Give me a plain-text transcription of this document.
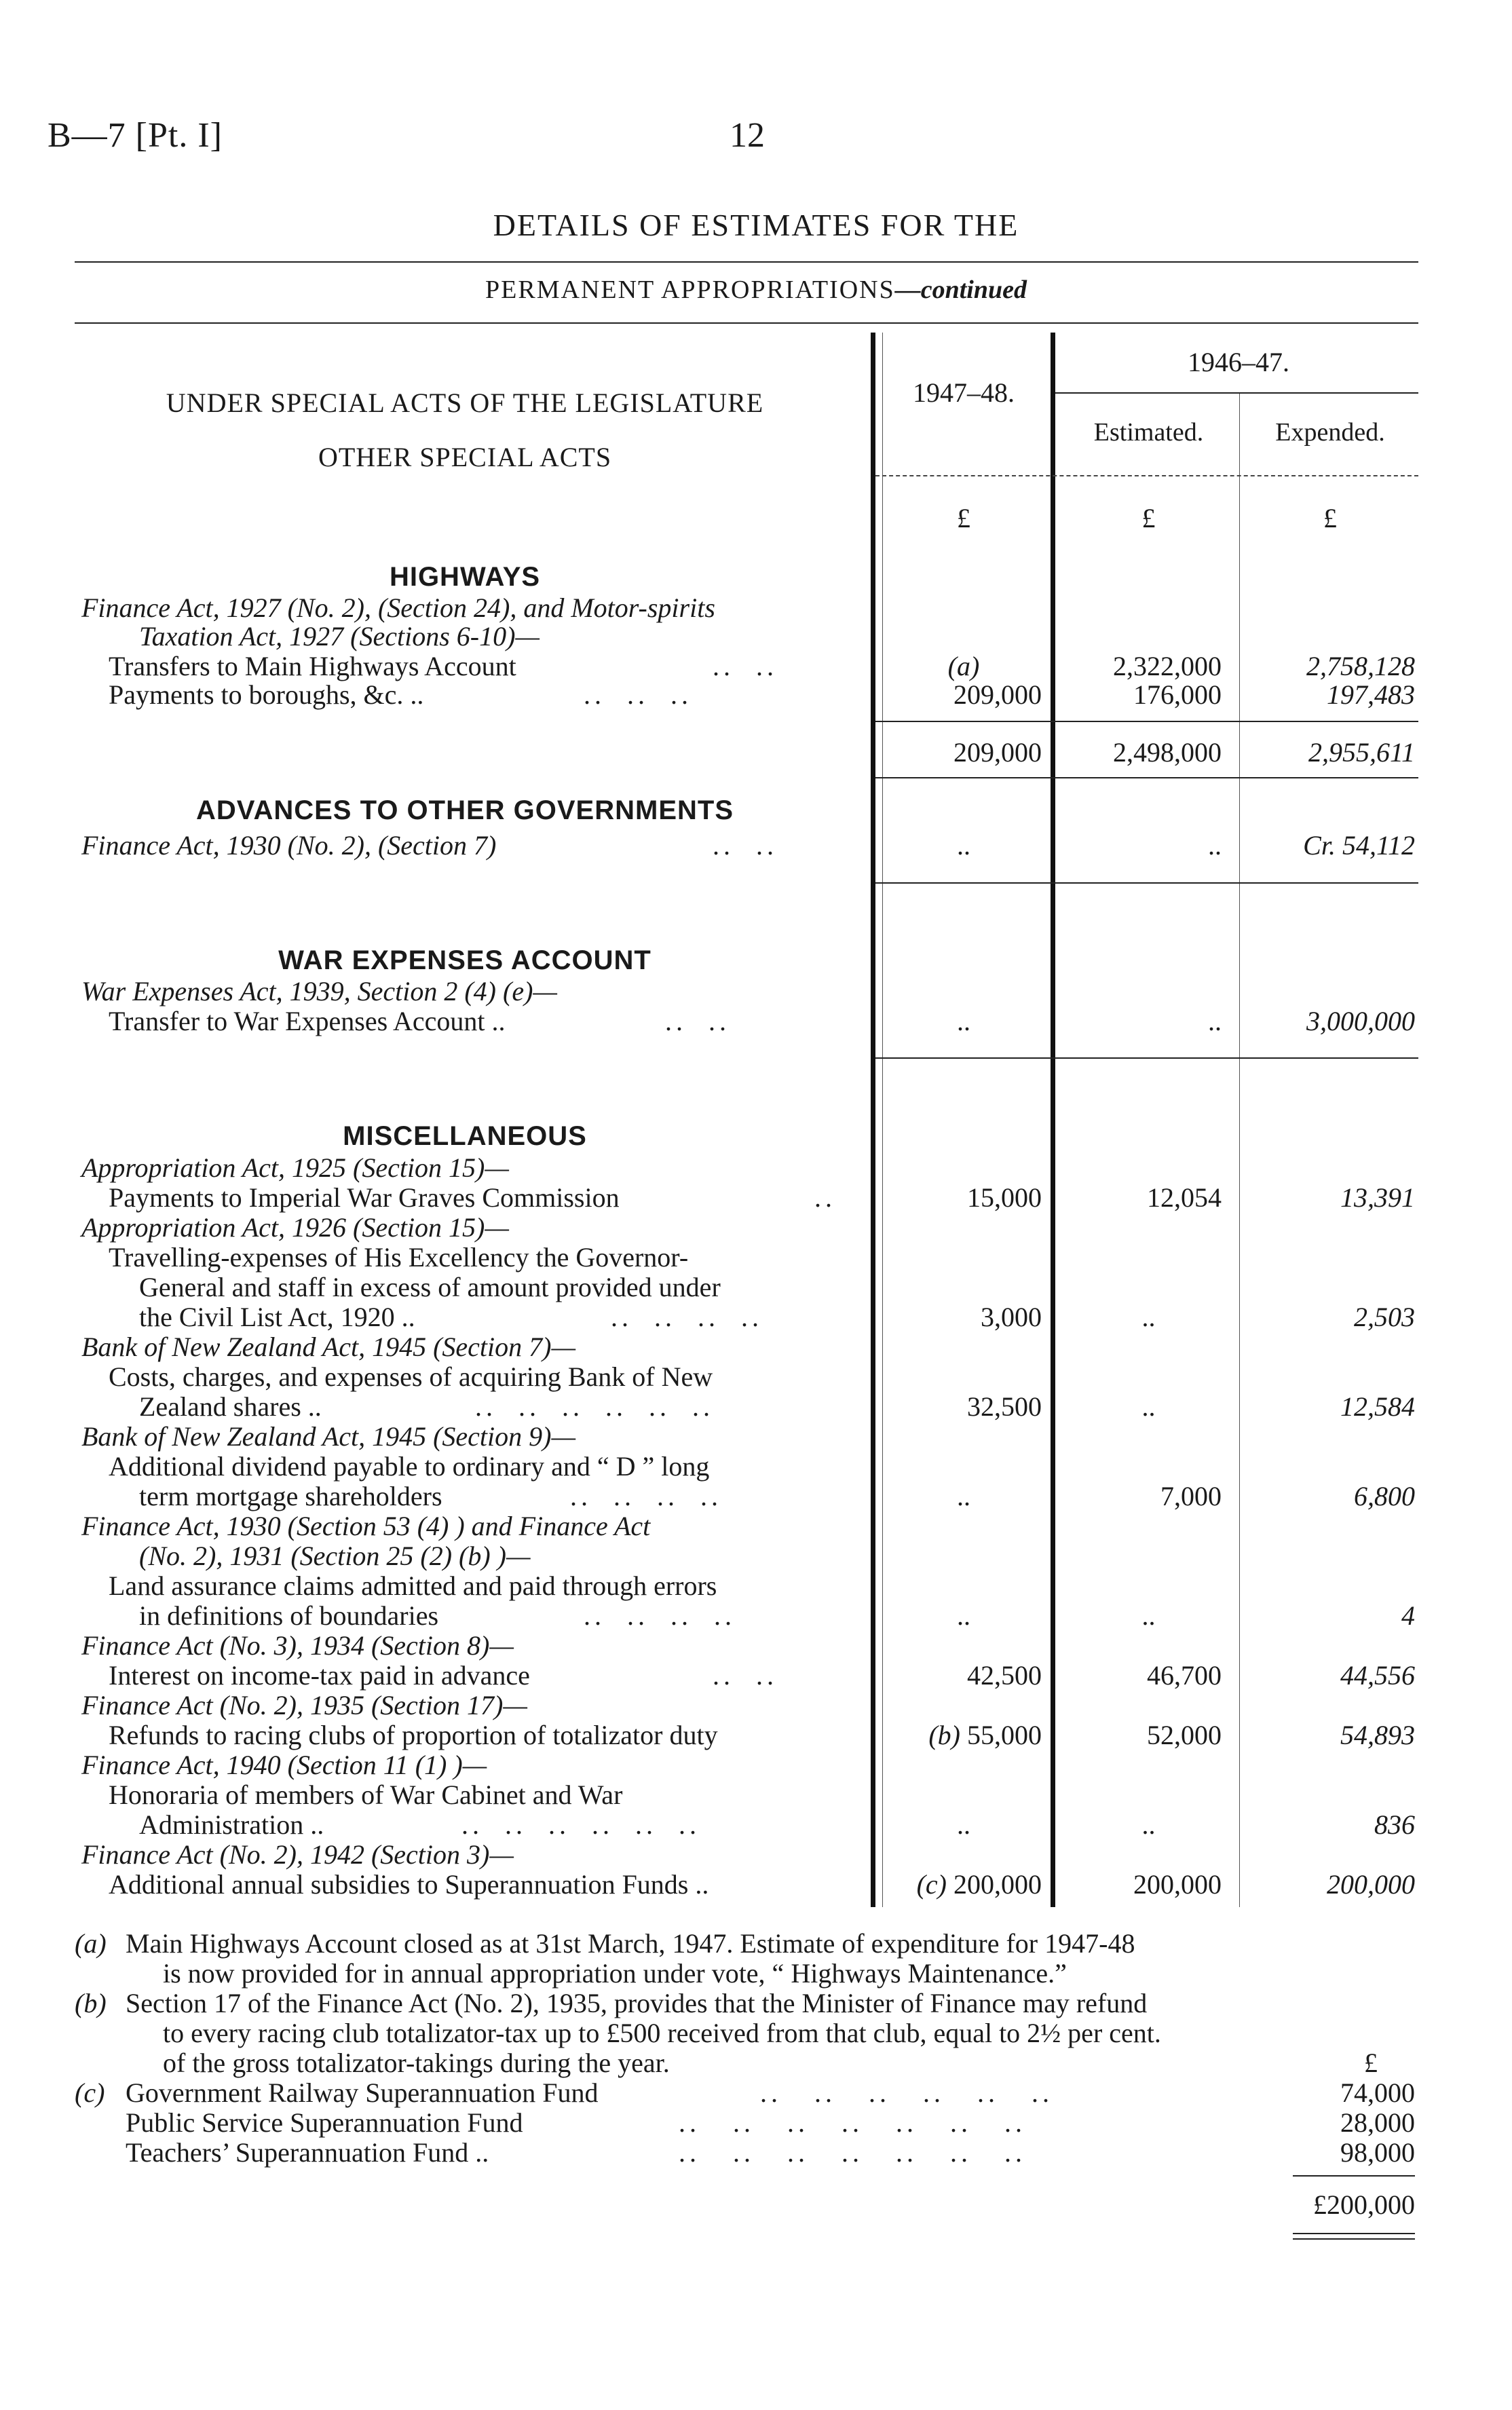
B—7 [Pt. I]	12
DETAILS OF ESTIMATES FOR THE
PERMANENT APPROPRIATIONS—continued
UNDER SPECIAL ACTS OF THE LEGISLATURE
OTHER SPECIAL ACTS
1947–48.
1946–47.
Estimated.	Expended.
£	£	£
HIGHWAYS
Finance Act, 1927 (No. 2), (Section 24), and Motor-spirits
Taxation Act, 1927 (Sections 6-10)—
Transfers to Main Highways Account	..  ..	(a)	2,322,000	2,758,128
Payments to boroughs, &c. ..	..  ..  ..	209,000	176,000	197,483
209,000	2,498,000	2,955,611
ADVANCES TO OTHER GOVERNMENTS
Finance Act, 1930 (No. 2), (Section 7)	..  ..	..	..	Cr. 54,112
WAR EXPENSES ACCOUNT
War Expenses Act, 1939, Section 2 (4) (e)—
Transfer to War Expenses Account ..	..  ..	..	..	3,000,000
MISCELLANEOUS
Appropriation Act, 1925 (Section 15)—
Payments to Imperial War Graves Commission	..	15,000	12,054	13,391
Appropriation Act, 1926 (Section 15)—
Travelling-expenses of His Excellency the Governor-
General and staff in excess of amount provided under
the Civil List Act, 1920 ..	..  ..  ..  ..	3,000	..	2,503
Bank of New Zealand Act, 1945 (Section 7)—
Costs, charges, and expenses of acquiring Bank of New
Zealand shares ..	..  ..  ..  ..  ..  ..	32,500	..	12,584
Bank of New Zealand Act, 1945 (Section 9)—
Additional dividend payable to ordinary and “ D ” long
term mortgage shareholders	..  ..  ..  ..	..	7,000	6,800
Finance Act, 1930 (Section 53 (4) ) and Finance Act
(No. 2), 1931 (Section 25 (2) (b) )—
Land assurance claims admitted and paid through errors
in definitions of boundaries	..  ..  ..  ..	..	..	4
Finance Act (No. 3), 1934 (Section 8)—
Interest on income-tax paid in advance	..  ..	42,500	46,700	44,556
Finance Act (No. 2), 1935 (Section 17)—
Refunds to racing clubs of proportion of totalizator duty	(b) 55,000	52,000	54,893
Finance Act, 1940 (Section 11 (1) )—
Honoraria of members of War Cabinet and War
Administration ..	..  ..  ..  ..  ..  ..	..	..	836
Finance Act (No. 2), 1942 (Section 3)—
Additional annual subsidies to Superannuation Funds ..	(c) 200,000	200,000	200,000
(a) Main Highways Account closed as at 31st March, 1947. Estimate of expenditure for 1947-48
is now provided for in annual appropriation under vote, “ Highways Maintenance.”
(b) Section 17 of the Finance Act (No. 2), 1935, provides that the Minister of Finance may refund
to every racing club totalizator-tax up to £500 received from that club, equal to 2½ per cent.
of the gross totalizator-takings during the year.	£
(c) Government Railway Superannuation Fund	..   ..   ..   ..   ..   ..	74,000
Public Service Superannuation Fund	..   ..   ..   ..   ..   ..   ..	28,000
Teachers’ Superannuation Fund ..	..   ..   ..   ..   ..   ..   ..	98,000
£200,000
